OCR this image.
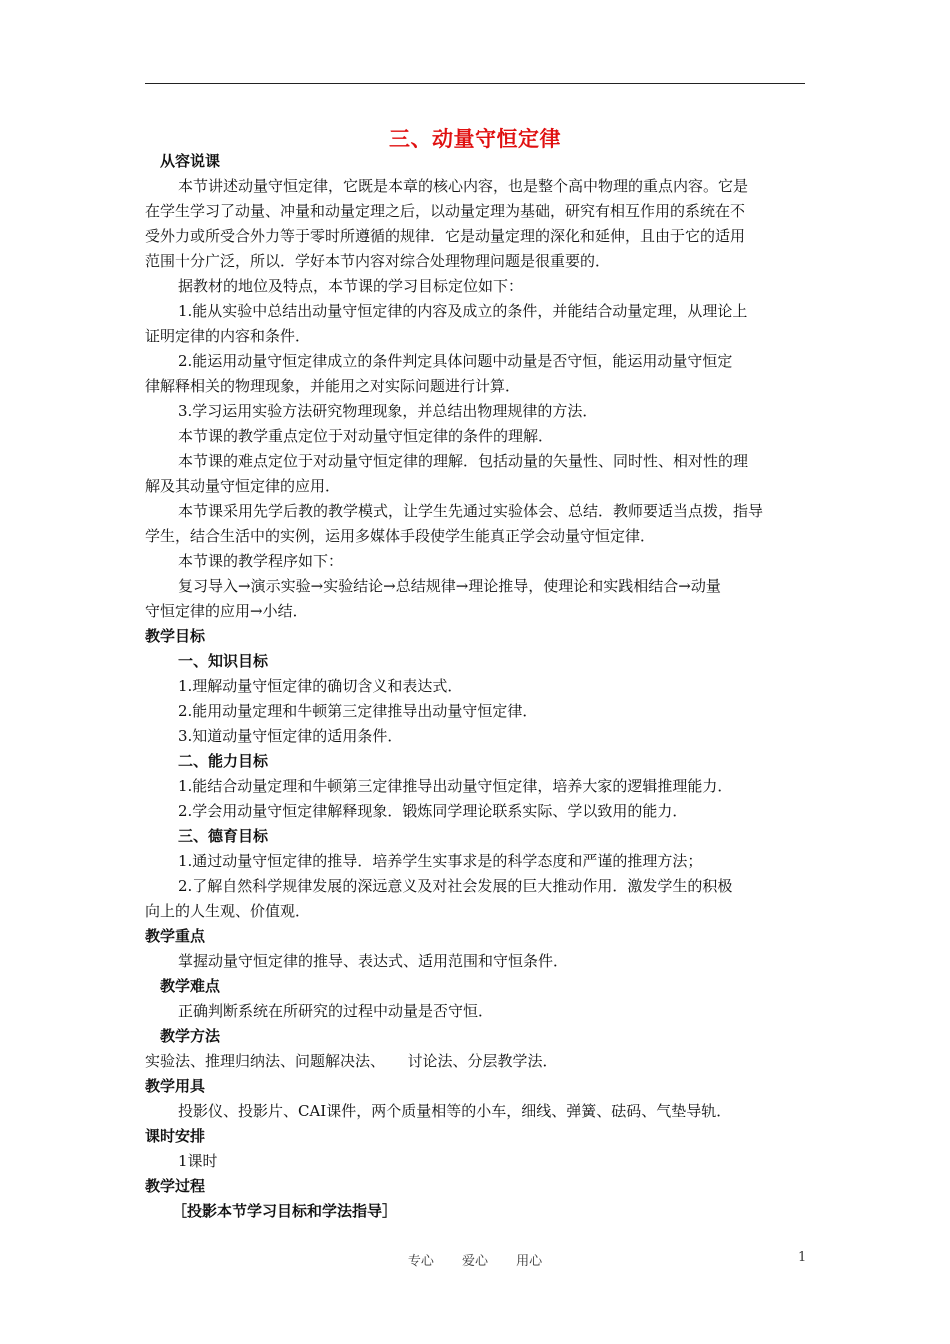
三、动量守恒定律
从容说课
本节讲述动量守恒定律，它既是本章的核心内容，也是整个高中物理的重点内容。它是
在学生学习了动量、冲量和动量定理之后，以动量定理为基础，研究有相互作用的系统在不
受外力或所受合外力等于零时所遵循的规律．它是动量定理的深化和延伸，且由于它的适用
范围十分广泛，所以．学好本节内容对综合处理物理问题是很重要的．
据教材的地位及特点，本节课的学习目标定位如下：
1.能从实验中总结出动量守恒定律的内容及成立的条件，并能结合动量定理，从理论上
证明定律的内容和条件．
2.能运用动量守恒定律成立的条件判定具体问题中动量是否守恒，能运用动量守恒定
律解释相关的物理现象，并能用之对实际问题进行计算．
3.学习运用实验方法研究物理现象，并总结出物理规律的方法．
本节课的教学重点定位于对动量守恒定律的条件的理解．
本节课的难点定位于对动量守恒定律的理解．包括动量的矢量性、同时性、相对性的理
解及其动量守恒定律的应用．
本节课采用先学后教的教学模式，让学生先通过实验体会、总结．教师要适当点拨，指导
学生，结合生活中的实例，运用多媒体手段使学生能真正学会动量守恒定律．
本节课的教学程序如下：
复习导入→演示实验→实验结论→总结规律→理论推导，使理论和实践相结合→动量
守恒定律的应用→小结．
教学目标
一、知识目标
1.理解动量守恒定律的确切含义和表达式．
2.能用动量定理和牛顿第三定律推导出动量守恒定律．
3.知道动量守恒定律的适用条件．
二、能力目标
1.能结合动量定理和牛顿第三定律推导出动量守恒定律，培养大家的逻辑推理能力．
2.学会用动量守恒定律解释现象．锻炼同学理论联系实际、学以致用的能力．
三、德育目标
1.通过动量守恒定律的推导．培养学生实事求是的科学态度和严谨的推理方法；
2.了解自然科学规律发展的深远意义及对社会发展的巨大推动作用．激发学生的积极
向上的人生观、价值观．
教学重点
掌握动量守恒定律的推导、表达式、适用范围和守恒条件．
教学难点
正确判断系统在所研究的过程中动量是否守恒．
教学方法
实验法、推理归纳法、问题解决法、　　讨论法、分层教学法．
教学用具
投影仪、投影片、CAI课件，两个质量相等的小车，细线、弹簧、砝码、气垫导轨．
课时安排
1课时
教学过程
［投影本节学习目标和学法指导］
专心 爱心 用心	1
